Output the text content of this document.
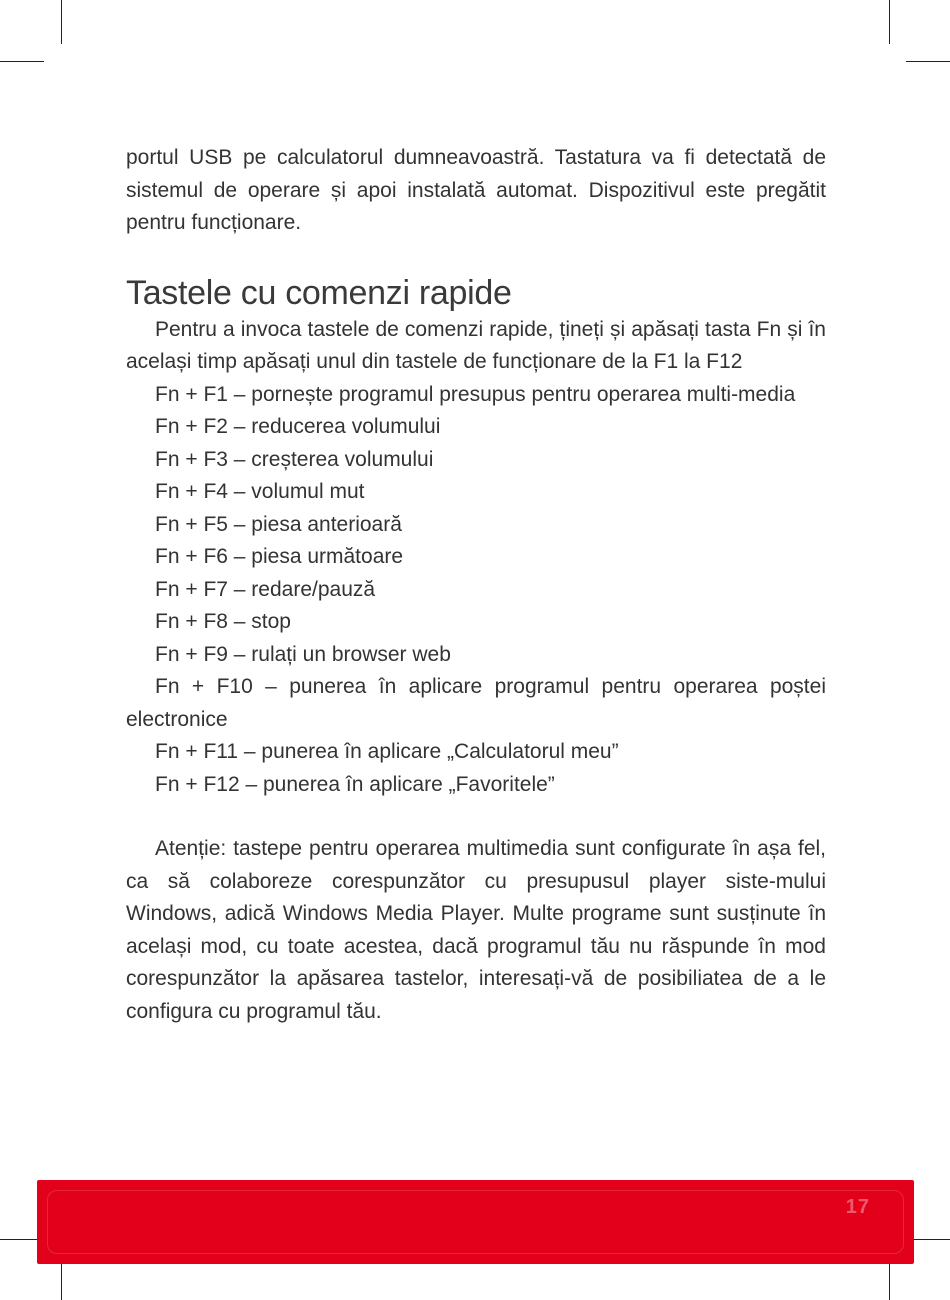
portul USB pe calculatorul dumneavoastră. Tastatura va fi detectată de sistemul de operare și apoi instalată automat. Dispozitivul este pregătit pentru funcționare.

Tastele cu comenzi rapide

Pentru a invoca tastele de comenzi rapide, țineți și apăsați tasta Fn și în același timp apăsați unul din tastele de funcționare de la F1 la F12

Fn + F1 – pornește programul presupus pentru operarea multi-media

Fn + F2 – reducerea volumului

Fn + F3 – creșterea volumului

Fn + F4 – volumul mut

Fn + F5 – piesa anterioară

Fn + F6 – piesa următoare

Fn + F7 – redare/pauză

Fn + F8 – stop

Fn + F9 – rulați un browser web

Fn + F10 – punerea în aplicare programul pentru operarea poștei electronice

Fn + F11 – punerea în aplicare „Calculatorul meu”

Fn + F12 – punerea în aplicare „Favoritele”

Atenție: tastepe pentru operarea multimedia sunt configurate în așa fel, ca să colaboreze corespunzător cu presupusul player siste-mului Windows, adică Windows Media Player. Multe programe sunt susținute în același mod, cu toate acestea, dacă programul tău nu răspunde în mod corespunzător la apăsarea tastelor, interesați-vă de posibiliatea de a le configura cu programul tău.

17
